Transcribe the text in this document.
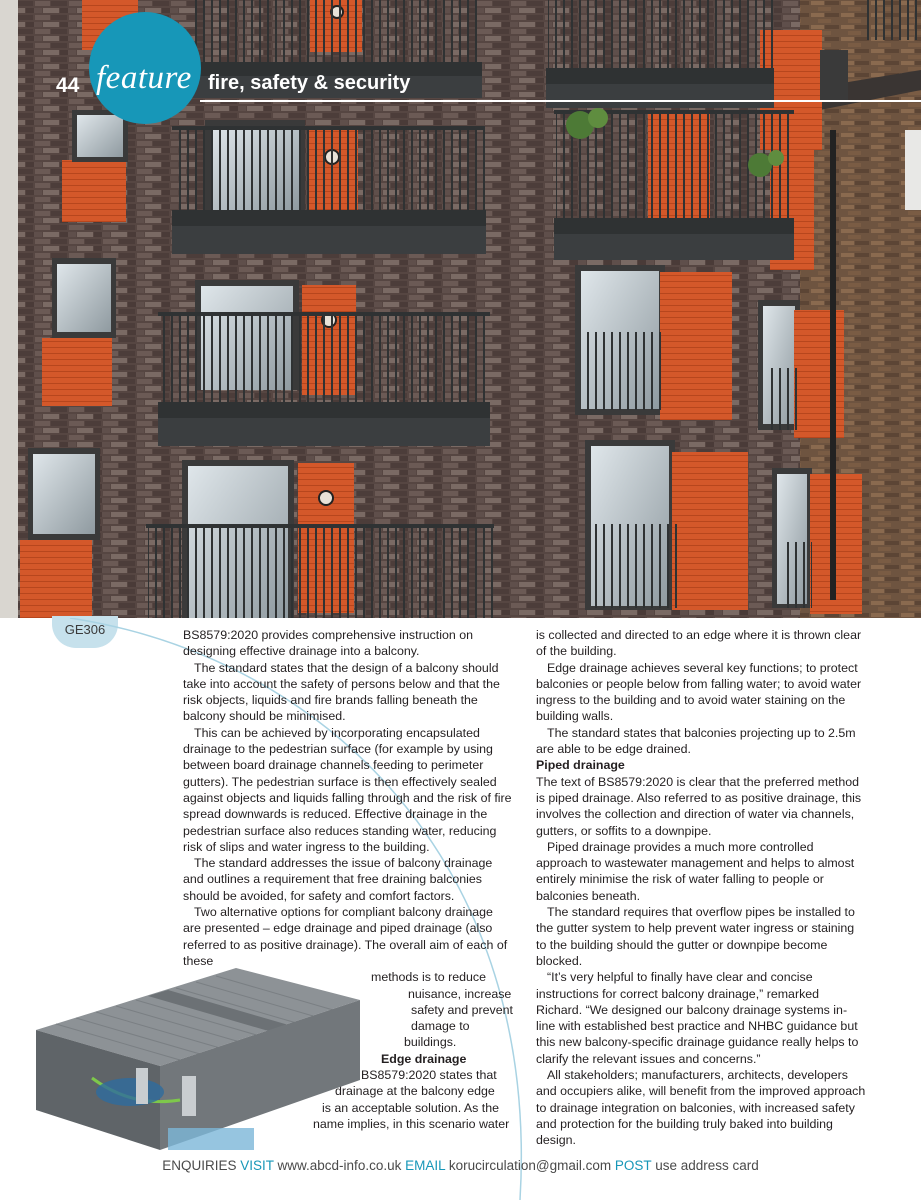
44 feature fire, safety & security
GE306	BS8579:2020 provides comprehensive instruction on designing effective drainage into a balcony.

The standard states that the design of a balcony should take into account the safety of persons below and that the risk objects, liquids and fire brands falling beneath the balcony should be minimised.

This can be achieved by incorporating encapsulated drainage to the pedestrian surface (for example by using between board drainage channels feeding to perimeter gutters). The pedestrian surface is then effectively sealed against objects and liquids falling through and the risk of fire spread downwards is reduced. Effective drainage in the pedestrian surface also reduces standing water, reducing risk of slips and water ingress to the building.

The standard addresses the issue of balcony drainage and outlines a requirement that free draining balconies should be avoided, for safety and comfort factors.

Two alternative options for compliant balcony drainage are presented – edge drainage and piped drainage (also referred to as positive drainage). The overall aim of each of these

methods is to reduce
nuisance, increase
safety and prevent
damage to
buildings.
Edge drainage
BS8579:2020 states that
drainage at the balcony edge
is an acceptable solution. As the
name implies, in this scenario water

is collected and directed to an edge where it is thrown clear of the building.

Edge drainage achieves several key functions; to protect balconies or people below from falling water; to avoid water ingress to the building and to avoid water staining on the building walls.

The standard states that balconies projecting up to 2.5m are able to be edge drained.

Piped drainage

The text of BS8579:2020 is clear that the preferred method is piped drainage. Also referred to as positive drainage, this involves the collection and direction of water via channels, gutters, or soffits to a downpipe.

Piped drainage provides a much more controlled approach to wastewater management and helps to almost entirely minimise the risk of water falling to people or balconies beneath.

The standard requires that overflow pipes be installed to the gutter system to help prevent water ingress or staining to the building should the gutter or downpipe become blocked.

“It’s very helpful to finally have clear and concise instructions for correct balcony drainage,” remarked Richard. “We designed our balcony drainage systems in-line with established best practice and NHBC guidance but this new balcony-specific drainage guidance really helps to clarify the relevant issues and concerns.”

All stakeholders; manufacturers, architects, developers and occupiers alike, will benefit from the improved approach to drainage integration on balconies, with increased safety and protection for the building truly baked into building design.

ENQUIRIES VISIT www.abcd-info.co.uk EMAIL korucirculation@gmail.com POST use address card
